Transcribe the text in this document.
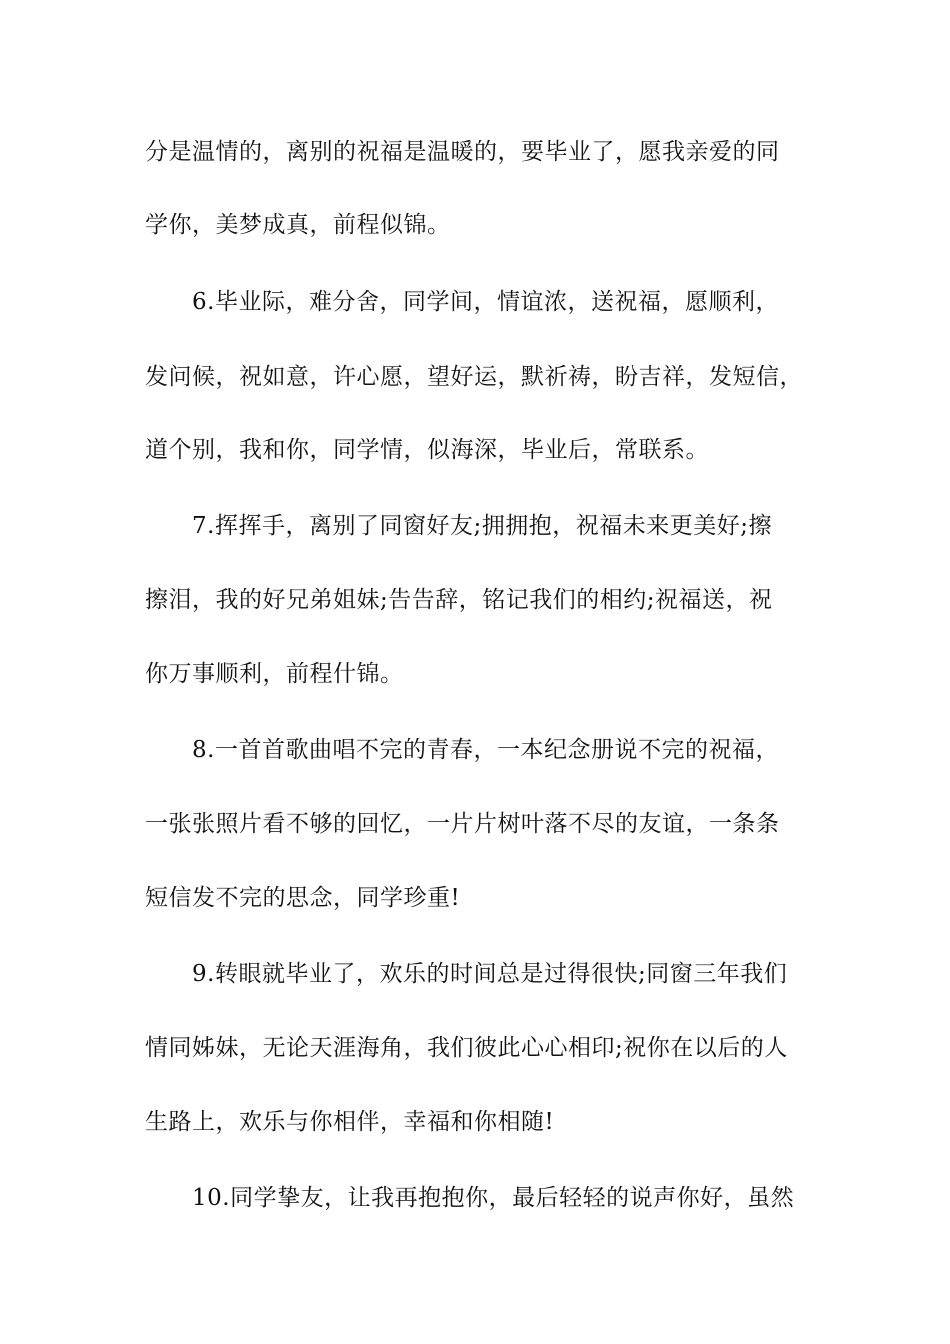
分是温情的，离别的祝福是温暖的，要毕业了，愿我亲爱的同
学你，美梦成真，前程似锦。
6.毕业际，难分舍，同学间，情谊浓，送祝福，愿顺利，
发问候，祝如意，许心愿，望好运，默祈祷，盼吉祥，发短信，
道个别，我和你，同学情，似海深，毕业后，常联系。
7.挥挥手，离别了同窗好友;拥拥抱，祝福未来更美好;擦
擦泪，我的好兄弟姐妹;告告辞，铭记我们的相约;祝福送，祝
你万事顺利，前程什锦。
8.一首首歌曲唱不完的青春，一本纪念册说不完的祝福，
一张张照片看不够的回忆，一片片树叶落不尽的友谊，一条条
短信发不完的思念，同学珍重!
9.转眼就毕业了，欢乐的时间总是过得很快;同窗三年我们
情同姊妹，无论天涯海角，我们彼此心心相印;祝你在以后的人
生路上，欢乐与你相伴，幸福和你相随!
10.同学挚友，让我再抱抱你，最后轻轻的说声你好，虽然
